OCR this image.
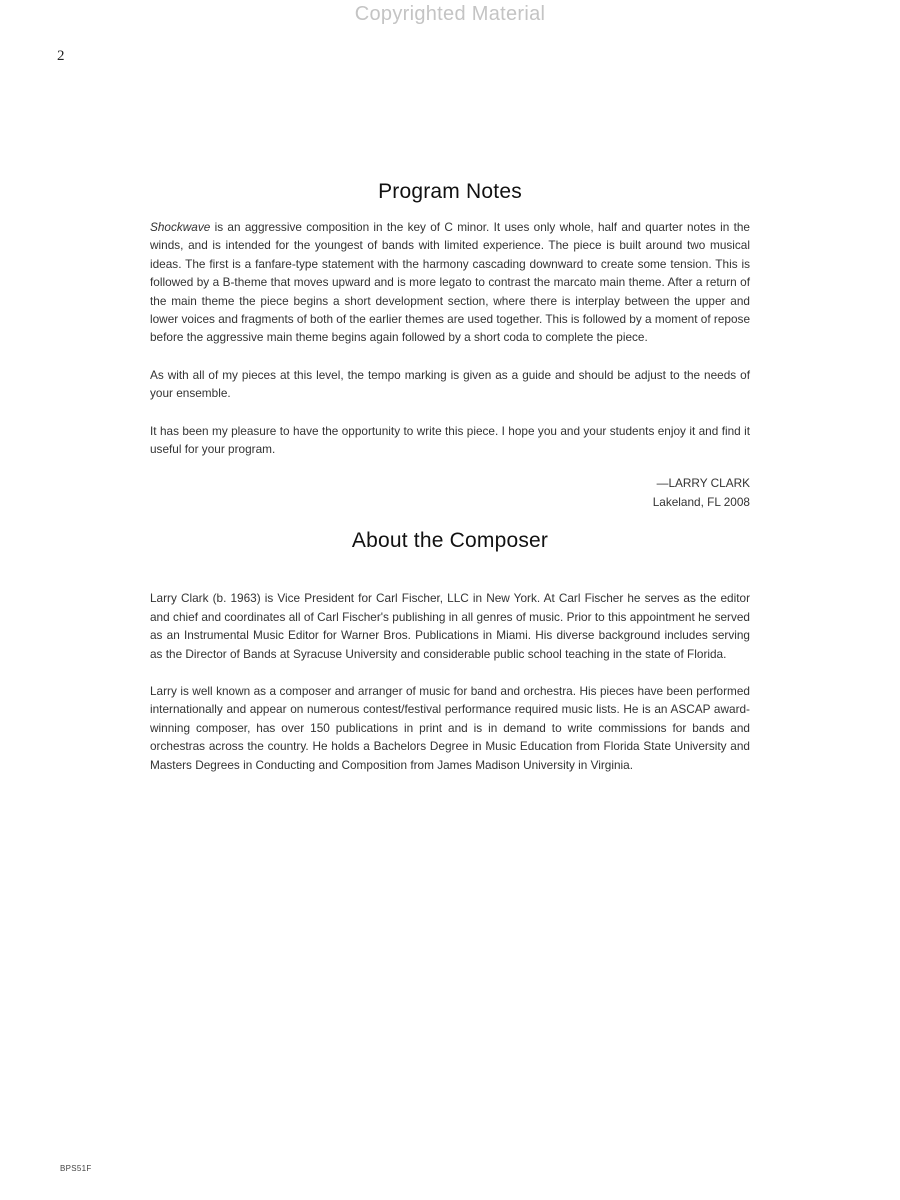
Copyrighted Material
2
Program Notes

Shockwave is an aggressive composition in the key of C minor. It uses only whole, half and quarter notes in the winds, and is intended for the youngest of bands with limited experience. The piece is built around two musical ideas. The first is a fanfare-type statement with the harmony cascading downward to create some tension. This is followed by a B-theme that moves upward and is more legato to contrast the marcato main theme. After a return of the main theme the piece begins a short development section, where there is interplay between the upper and lower voices and fragments of both of the earlier themes are used together. This is followed by a moment of repose before the aggressive main theme begins again followed by a short coda to complete the piece.

As with all of my pieces at this level, the tempo marking is given as a guide and should be adjust to the needs of your ensemble.

It has been my pleasure to have the opportunity to write this piece. I hope you and your students enjoy it and find it useful for your program.

—LARRY CLARK
Lakeland, FL 2008
About the Composer

Larry Clark (b. 1963) is Vice President for Carl Fischer, LLC in New York. At Carl Fischer he serves as the editor and chief and coordinates all of Carl Fischer's publishing in all genres of music. Prior to this appointment he served as an Instrumental Music Editor for Warner Bros. Publications in Miami. His diverse background includes serving as the Director of Bands at Syracuse University and considerable public school teaching in the state of Florida.

Larry is well known as a composer and arranger of music for band and orchestra. His pieces have been performed internationally and appear on numerous contest/festival performance required music lists. He is an ASCAP award-winning composer, has over 150 publications in print and is in demand to write commissions for bands and orchestras across the country. He holds a Bachelors Degree in Music Education from Florida State University and Masters Degrees in Conducting and Composition from James Madison University in Virginia.

BPS51F
